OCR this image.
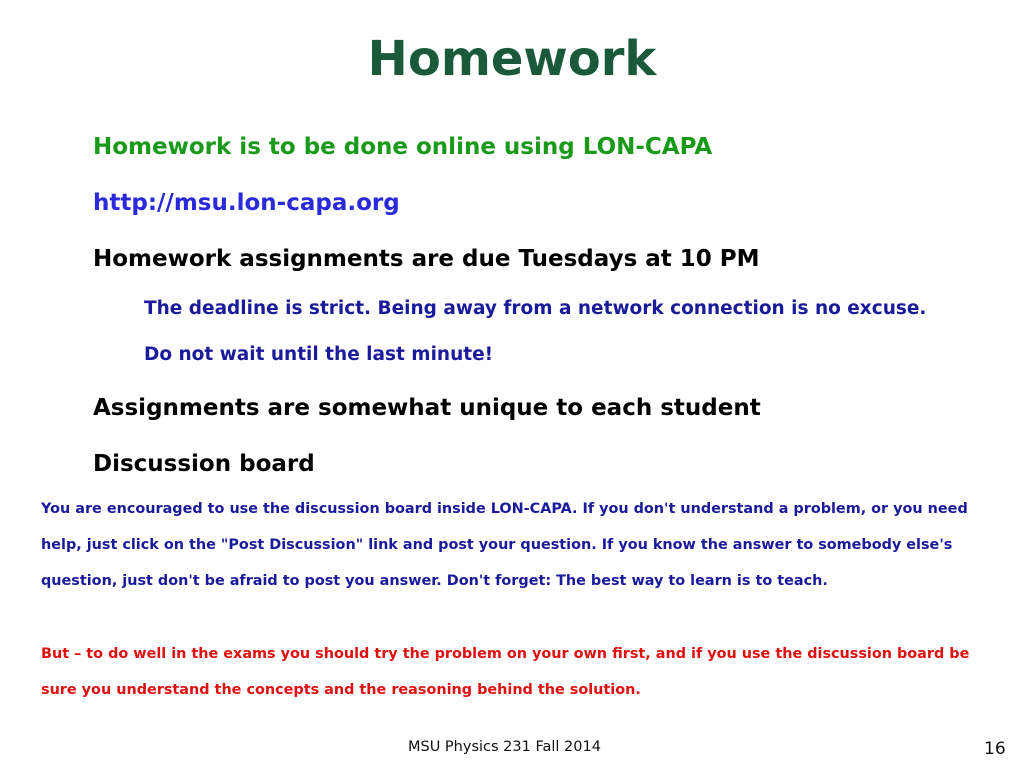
Homework

Homework is to be done online using LON-CAPA

http://msu.lon-capa.org

Homework assignments are due Tuesdays at 10 PM

The deadline is strict. Being away from a network connection is no excuse.

Do not wait until the last minute!

Assignments are somewhat unique to each student

Discussion board

You are encouraged to use the discussion board inside LON-CAPA. If you don't understand a problem, or you need help, just click on the "Post Discussion" link and post your question. If you know the answer to somebody else's question, just don't be afraid to post you answer. Don't forget: The best way to learn is to teach.

But – to do well in the exams you should try the problem on your own first, and if you use the discussion board be sure you understand the concepts and the reasoning behind the solution.

MSU Physics 231 Fall 2014	16
